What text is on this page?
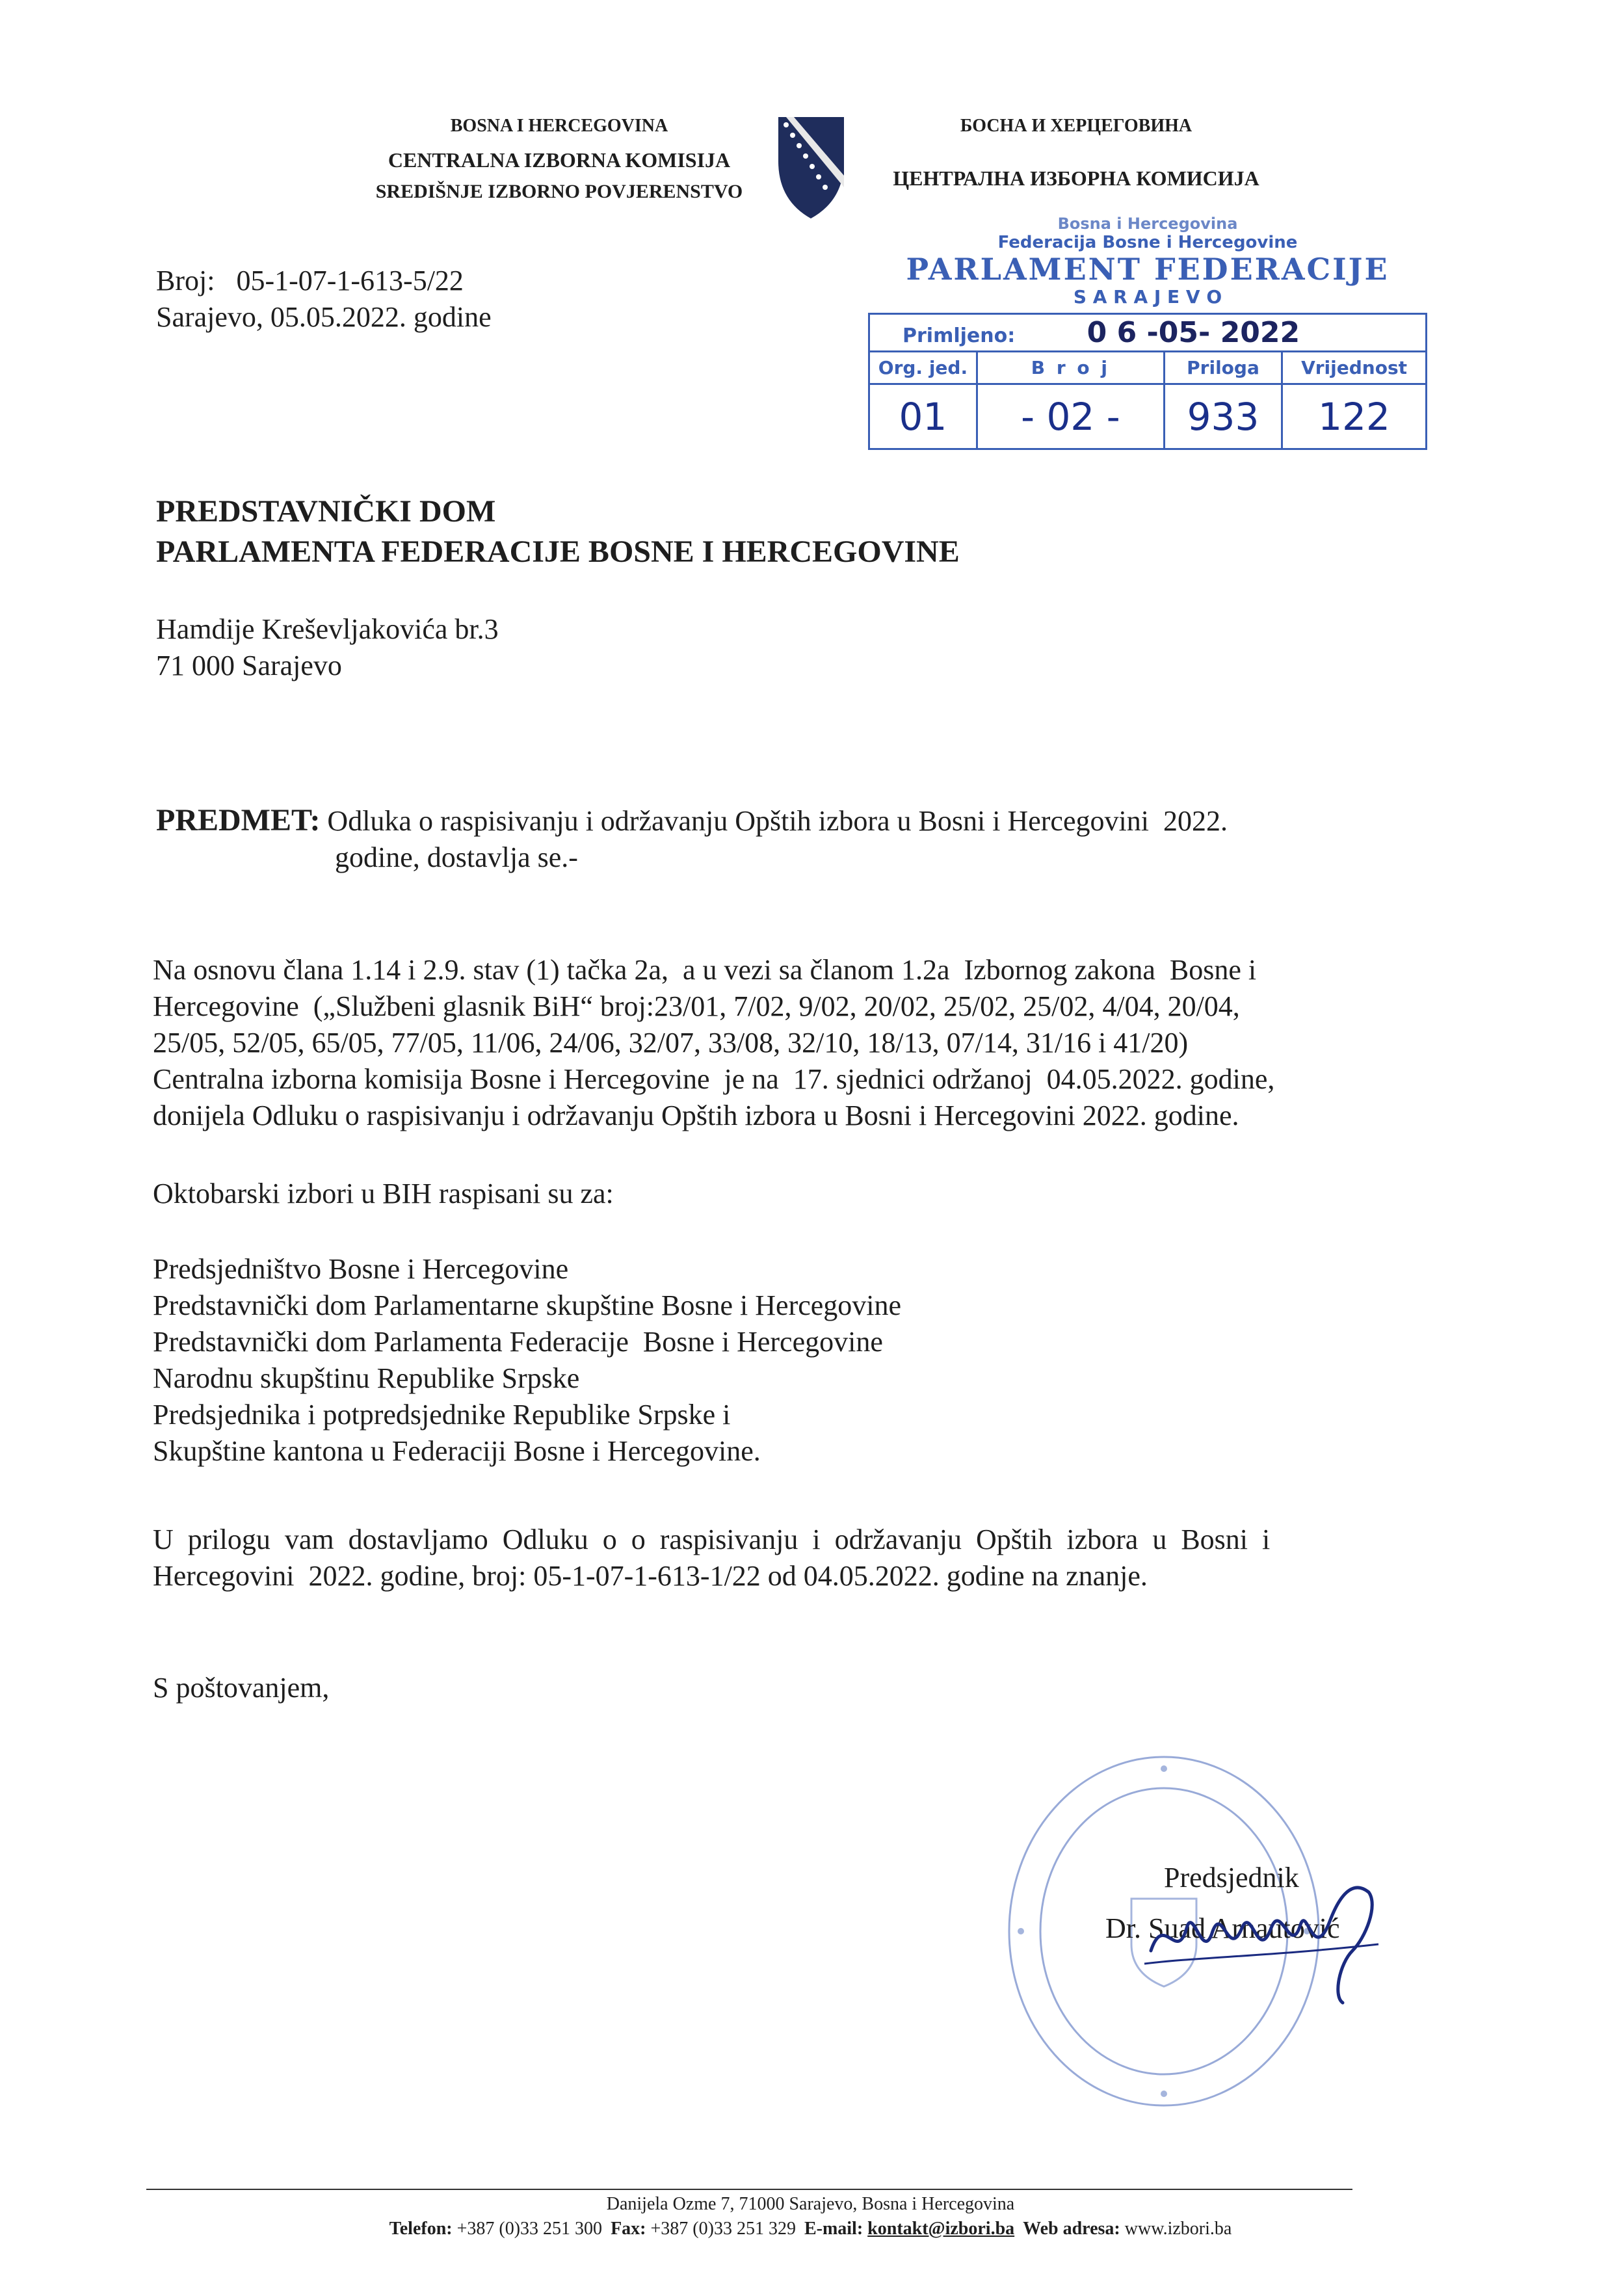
BOSNA I HERCEGOVINA
CENTRALNA IZBORNA KOMISIJA
SREDIŠNJE IZBORNO POVJERENSTVO
БОСНА И ХЕРЦЕГОВИНА
ЦЕНТРАЛНА ИЗБОРНА КОМИСИЈА
Broj:   05-1-07-1-613-5/22
Sarajevo, 05.05.2022. godine
Bosna i Hercegovina
Federacija Bosne i Hercegovine
PARLAMENT FEDERACIJE
S A R A J E V O
Primljeno: 0 6 -05- 2022			
Org. jed.	B r o j	Priloga	Vrijednost
01	- 02 -	933	122
PREDSTAVNIČKI DOM
PARLAMENTA FEDERACIJE BOSNE I HERCEGOVINE
Hamdije Kreševljakovića br.3
71 000 Sarajevo
PREDMET: Odluka o raspisivanju i održavanju Opštih izbora u Bosni i Hercegovini  2022.
godine, dostavlja se.-
Na osnovu člana 1.14 i 2.9. stav (1) tačka 2a,  a u vezi sa članom 1.2a  Izbornog zakona  Bosne i
Hercegovine  („Službeni glasnik BiH“ broj:23/01, 7/02, 9/02, 20/02, 25/02, 25/02, 4/04, 20/04,
25/05, 52/05, 65/05, 77/05, 11/06, 24/06, 32/07, 33/08, 32/10, 18/13, 07/14, 31/16 i 41/20)
Centralna izborna komisija Bosne i Hercegovine  je na  17. sjednici održanoj  04.05.2022. godine,
donijela Odluku o raspisivanju i održavanju Opštih izbora u Bosni i Hercegovini 2022. godine.
Oktobarski izbori u BIH raspisani su za:
Predsjedništvo Bosne i Hercegovine
Predstavnički dom Parlamentarne skupštine Bosne i Hercegovine
Predstavnički dom Parlamenta Federacije  Bosne i Hercegovine
Narodnu skupštinu Republike Srpske
Predsjednika i potpredsjednike Republike Srpske i
Skupštine kantona u Federaciji Bosne i Hercegovine.
U  prilogu  vam  dostavljamo  Odluku  o  o  raspisivanju  i  održavanju  Opštih  izbora  u  Bosni  i
Hercegovini  2022. godine, broj: 05-1-07-1-613-1/22 od 04.05.2022. godine na znanje.
S poštovanjem,
Predsjednik
Dr. Suad Arnautović
Danijela Ozme 7, 71000 Sarajevo, Bosna i Hercegovina
Telefon: +387 (0)33 251 300 Fax: +387 (0)33 251 329 E-mail: kontakt@izbori.ba Web adresa: www.izbori.ba
